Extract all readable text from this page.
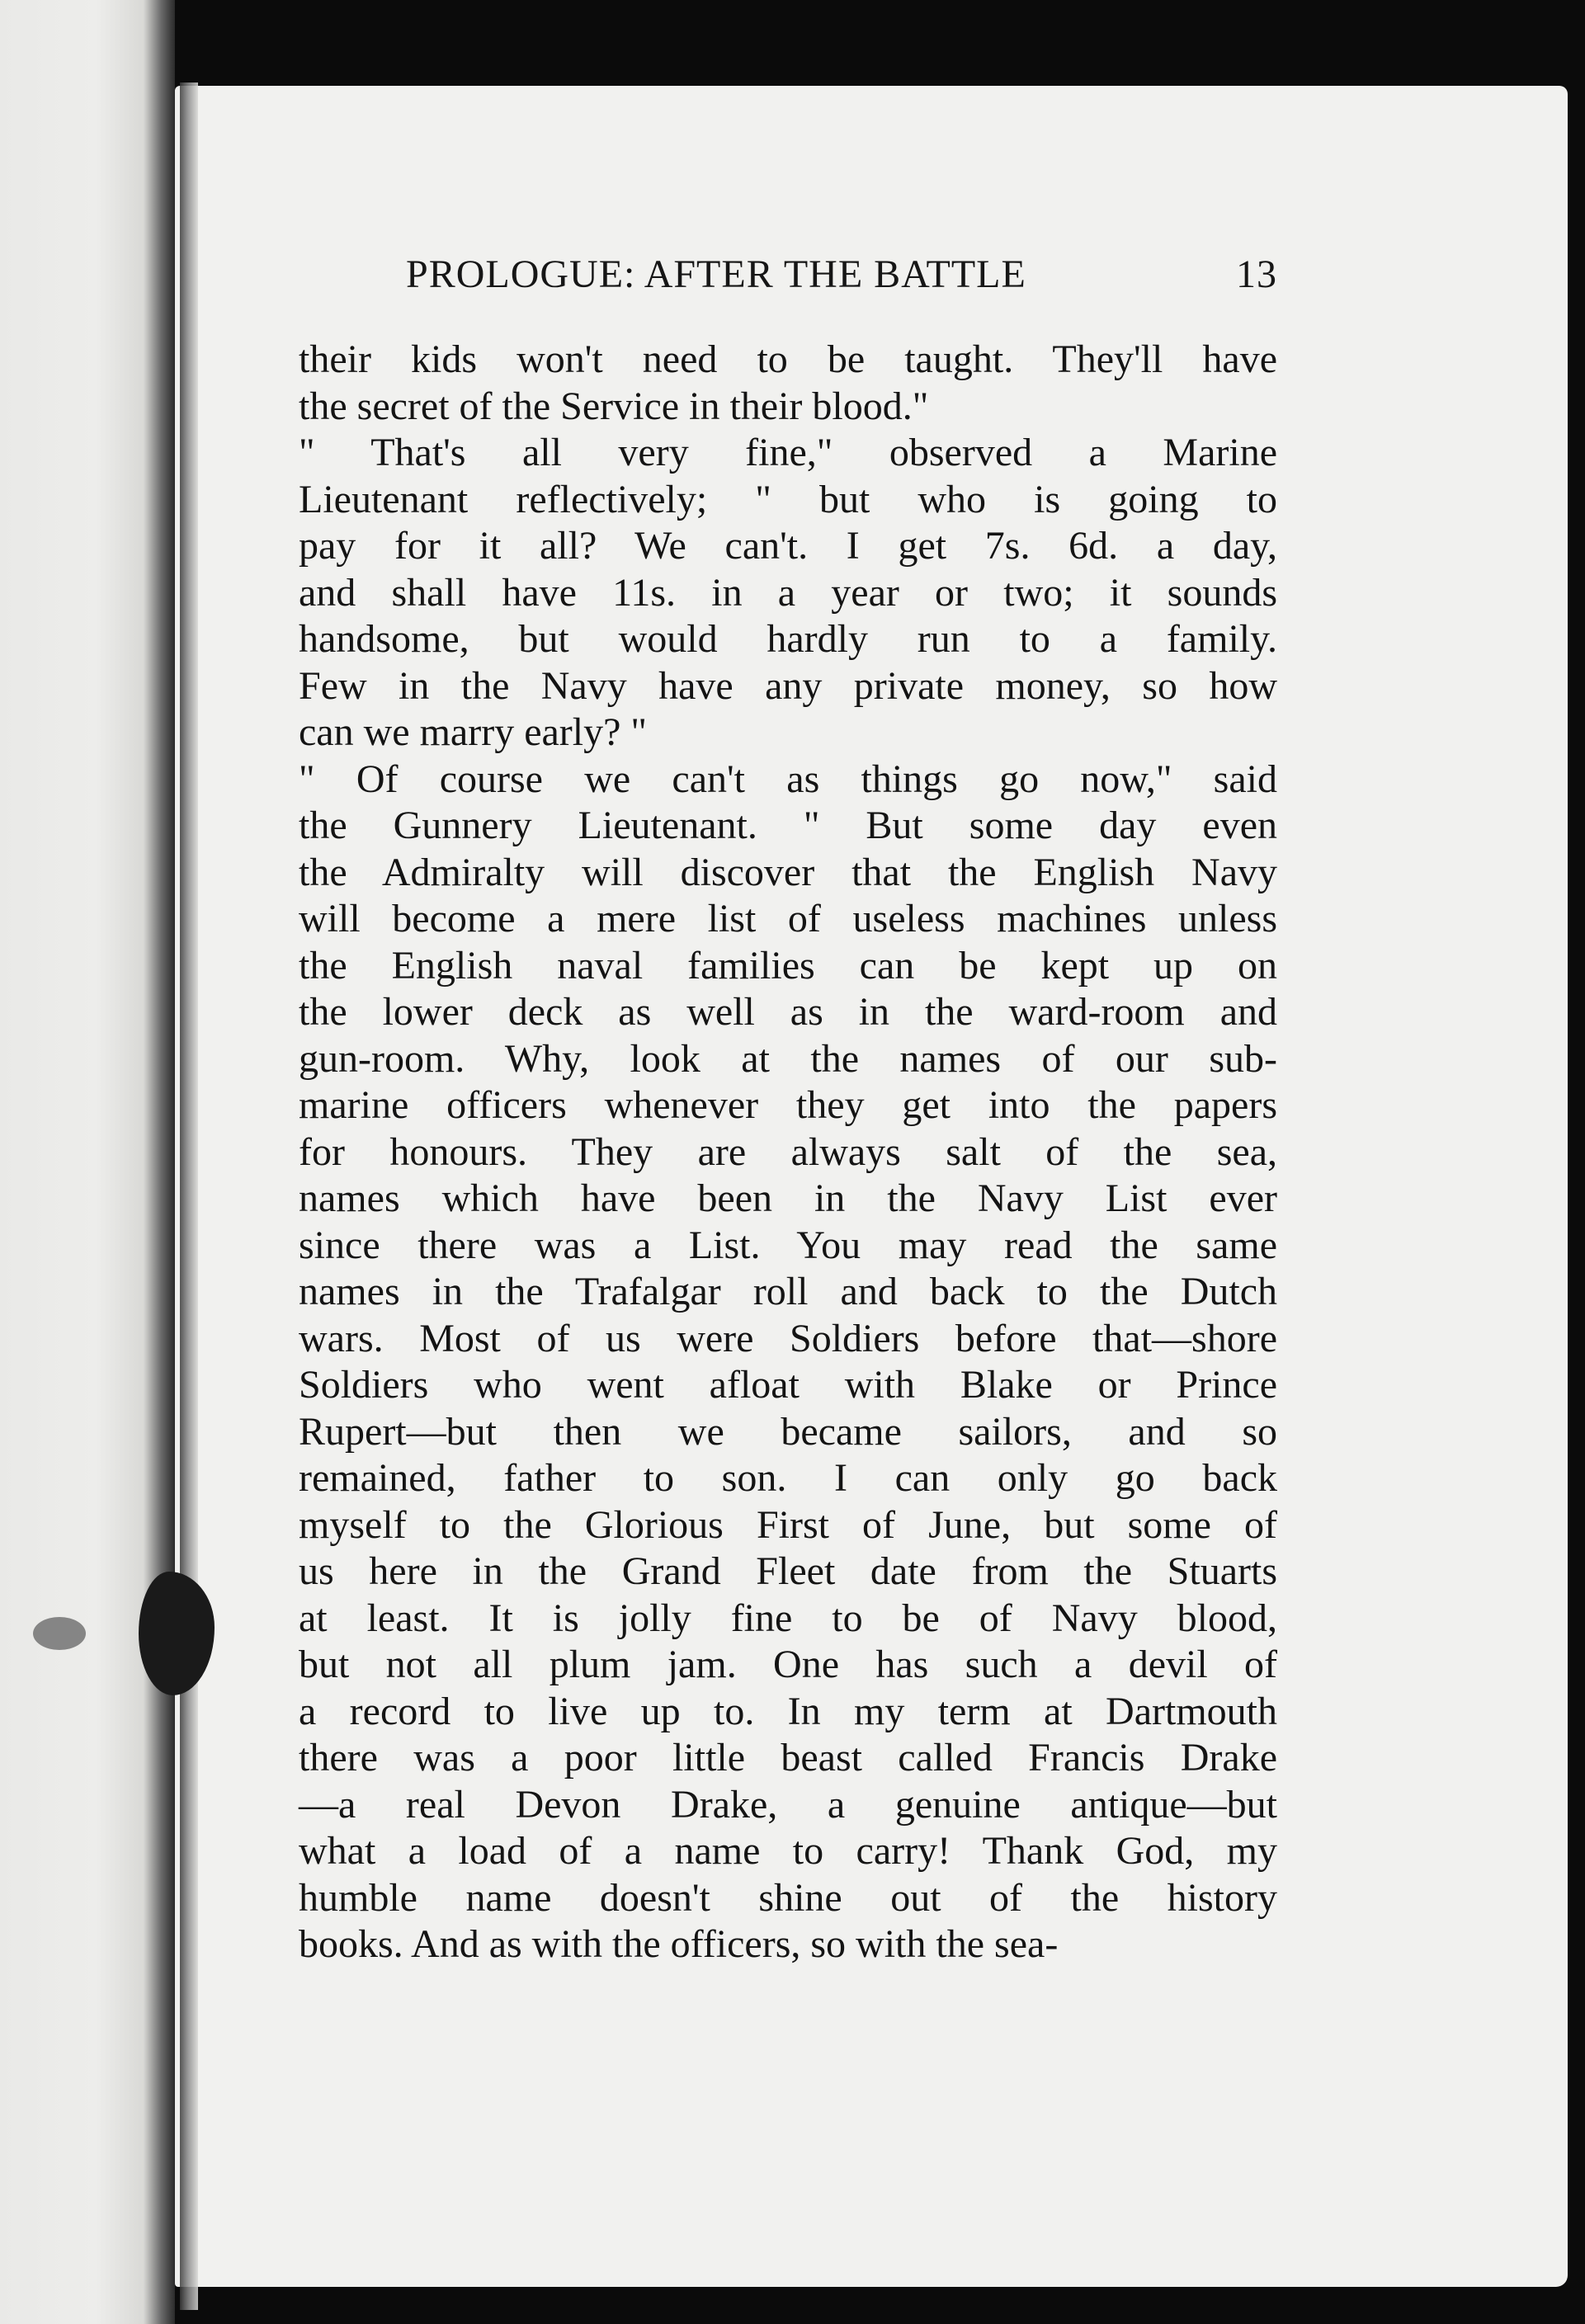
PROLOGUE: AFTER THE BATTLE	13
their kids won't need to be taught. They'll have
the secret of the Service in their blood."
" That's all very fine," observed a Marine
Lieutenant reflectively; " but who is going to
pay for it all? We can't. I get 7s. 6d. a day,
and shall have 11s. in a year or two; it sounds
handsome, but would hardly run to a family.
Few in the Navy have any private money, so how
can we marry early? "
" Of course we can't as things go now," said
the Gunnery Lieutenant. " But some day even
the Admiralty will discover that the English Navy
will become a mere list of useless machines unless
the English naval families can be kept up on
the lower deck as well as in the ward-room and
gun-room. Why, look at the names of our sub-
marine officers whenever they get into the papers
for honours. They are always salt of the sea,
names which have been in the Navy List ever
since there was a List. You may read the same
names in the Trafalgar roll and back to the Dutch
wars. Most of us were Soldiers before that—shore
Soldiers who went afloat with Blake or Prince
Rupert—but then we became sailors, and so
remained, father to son. I can only go back
myself to the Glorious First of June, but some of
us here in the Grand Fleet date from the Stuarts
at least. It is jolly fine to be of Navy blood,
but not all plum jam. One has such a devil of
a record to live up to. In my term at Dartmouth
there was a poor little beast called Francis Drake
—a real Devon Drake, a genuine antique—but
what a load of a name to carry! Thank God, my
humble name doesn't shine out of the history
books. And as with the officers, so with the sea-
